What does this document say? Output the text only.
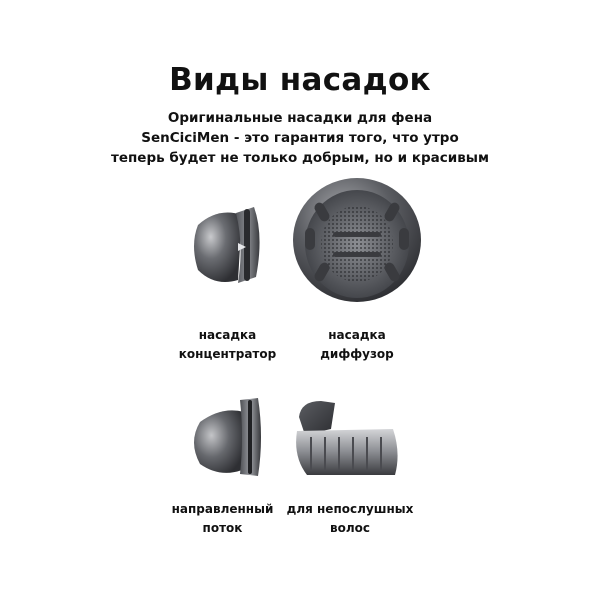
Виды насадок
Оригинальные насадки для фена
SenCiciMen - это гарантия того, что утро
теперь будет не только добрым, но и красивым
насадка
концентратор
насадка
диффузор
направленный
поток
для непослушных
волос
